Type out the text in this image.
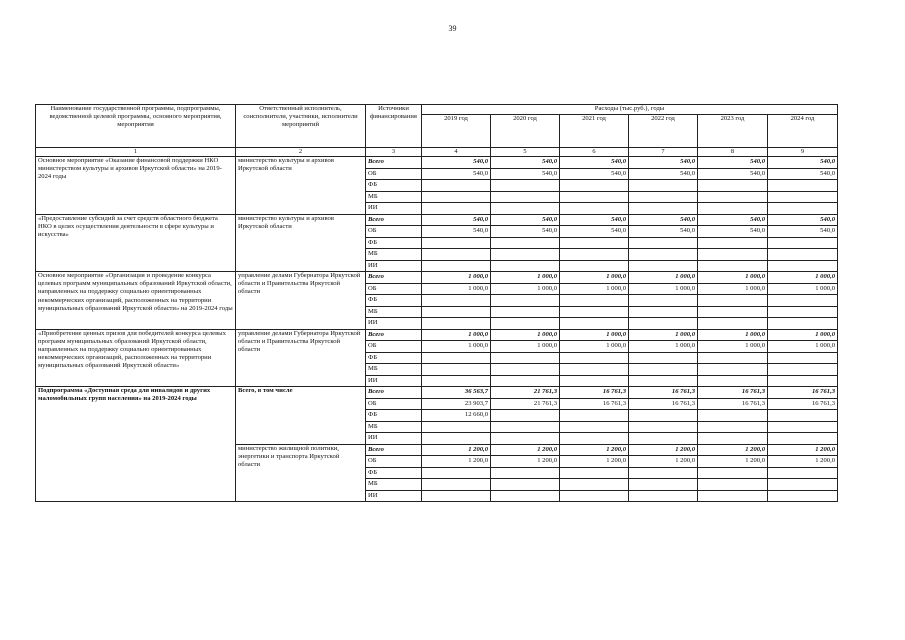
39
Наименование государственной программы, подпрограммы, ведомственной целевой программы, основного мероприятия, мероприятия	Ответственный исполнитель, соисполнители, участники, исполнители мероприятий	Источники финансирования	Расходы (тыс.руб.), годы					
			2019 год	2020 год	2021 год	2022 год	2023 год	2024 год
1	2	3	4	5	6	7	8	9
Основное мероприятие «Оказание финансовой поддержки НКО министерством культуры и архивов Иркутской области» на 2019-2024 годы	министерство культуры и архивов Иркутской области	Всего	540,0	540,0	540,0	540,0	540,0	540,0
		ОБ	540,0	540,0	540,0	540,0	540,0	540,0
		ФБ						
		МБ						
		ИИ						
«Предоставление субсидий за счет средств областного бюджета НКО в целях осуществления деятельности в сфере культуры и искусства»	министерство культуры и архивов Иркутской области	Всего	540,0	540,0	540,0	540,0	540,0	540,0
		ОБ	540,0	540,0	540,0	540,0	540,0	540,0
		ФБ						
		МБ						
		ИИ						
Основное мероприятие «Организация и проведение конкурса целевых программ муниципальных образований Иркутской области, направленных на поддержку социально ориентированных некоммерческих организаций, расположенных на территории муниципальных образований Иркутской области» на 2019-2024 годы	управление делами Губернатора Иркутской области и Правительства Иркутской области	Всего	1 000,0	1 000,0	1 000,0	1 000,0	1 000,0	1 000,0
		ОБ	1 000,0	1 000,0	1 000,0	1 000,0	1 000,0	1 000,0
		ФБ						
		МБ						
		ИИ						
«Приобретение ценных призов для победителей конкурса целевых программ муниципальных образований Иркутской области, направленных на поддержку социально ориентированных некоммерческих организаций, расположенных на территории муниципальных образований Иркутской области»	управление делами Губернатора Иркутской области и Правительства Иркутской области	Всего	1 000,0	1 000,0	1 000,0	1 000,0	1 000,0	1 000,0
		ОБ	1 000,0	1 000,0	1 000,0	1 000,0	1 000,0	1 000,0
		ФБ						
		МБ						
		ИИ						
Подпрограмма «Доступная среда для инвалидов и других маломобильных групп населения» на 2019-2024 годы	Всего, в том числе	Всего	36 563,7	21 761,3	16 761,3	16 761,3	16 761,3	16 761,3
		ОБ	23 903,7	21 761,3	16 761,3	16 761,3	16 761,3	16 761,3
		ФБ	12 660,0					
		МБ						
		ИИ						
	министерство жилищной политики, энергетики и транспорта Иркутской области	Всего	1 200,0	1 200,0	1 200,0	1 200,0	1 200,0	1 200,0
		ОБ	1 200,0	1 200,0	1 200,0	1 200,0	1 200,0	1 200,0
		ФБ						
		МБ						
		ИИ						
